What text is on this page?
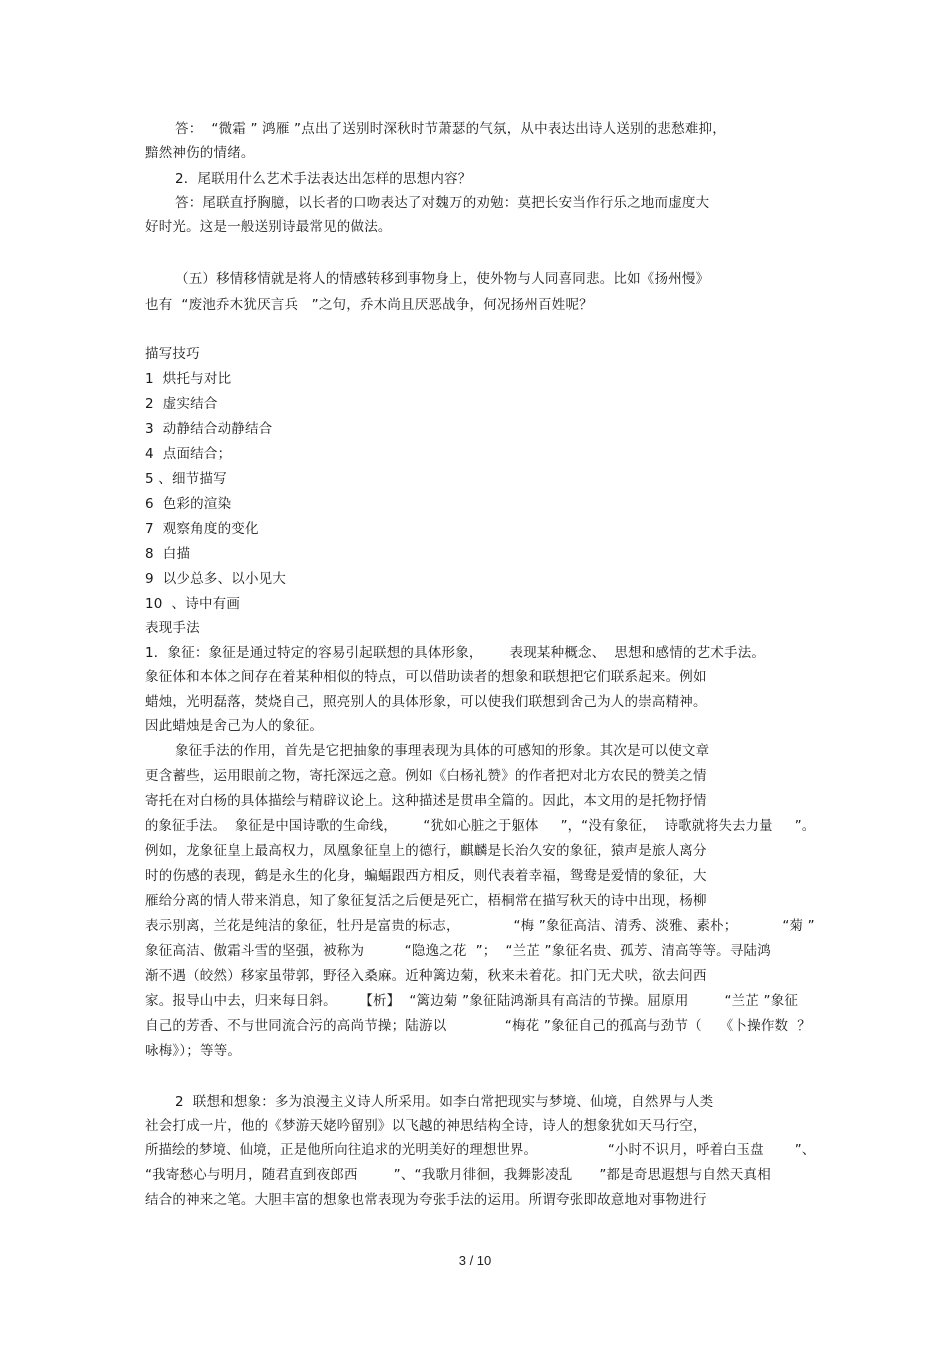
答：  “微霜 ” 鸿雁 ”点出了送别时深秋时节萧瑟的气氛，从中表达出诗人送别的悲愁难抑，

黯然神伤的情绪。

2．尾联用什么艺术手法表达出怎样的思想内容？

答：尾联直抒胸臆，以长者的口吻表达了对魏万的劝勉：莫把长安当作行乐之地而虚度大

好时光。这是一般送别诗最常见的做法。

（五）移情移情就是将人的情感转移到事物身上，使外物与人同喜同悲。比如《扬州慢》

也有  “废池乔木犹厌言兵   ”之句，乔木尚且厌恶战争，何况扬州百姓呢？

描写技巧

1  烘托与对比

2  虚实结合

3  动静结合动静结合

4  点面结合；

5 、细节描写

6  色彩的渲染

7  观察角度的变化

8  白描

9  以少总多、以小见大

10  、诗中有画

表现手法

1．象征：象征是通过特定的容易引起联想的具体形象，      表现某种概念、  思想和感情的艺术手法。

象征体和本体之间存在着某种相似的特点，可以借助读者的想象和联想把它们联系起来。例如

蜡烛，光明磊落，焚烧自己，照亮别人的具体形象，可以使我们联想到舍己为人的崇高精神。

因此蜡烛是舍己为人的象征。

象征手法的作用，首先是它把抽象的事理表现为具体的可感知的形象。其次是可以使文章

更含蓄些，运用眼前之物，寄托深远之意。例如《白杨礼赞》的作者把对北方农民的赞美之情

寄托在对白杨的具体描绘与精辟议论上。这种描述是贯串全篇的。因此，本文用的是托物抒情

的象征手法。  象征是中国诗歌的生命线，      “犹如心脏之于躯体     ”，“没有象征，  诗歌就将失去力量     ”。

例如，龙象征皇上最高权力，凤凰象征皇上的德行，麒麟是长治久安的象征，猿声是旅人离分

时的伤感的表现，鹤是永生的化身，蝙蝠跟西方相反，则代表着幸福，鸳鸯是爱情的象征，大

雁给分离的情人带来消息，知了象征复活之后便是死亡，梧桐常在描写秋天的诗中出现，杨柳

表示别离，兰花是纯洁的象征，牡丹是富贵的标志，            “梅 ”象征高洁、清秀、淡雅、素朴；          “菊 ”

象征高洁、傲霜斗雪的坚强，被称为         “隐逸之花  ”；  “兰芷 ”象征名贵、孤芳、清高等等。寻陆鸿

渐不遇（皎然）移家虽带郭，野径入桑麻。近种篱边菊，秋来未着花。扣门无犬吠，欲去问西

家。报导山中去，归来每日斜。     【析】  “篱边菊 ”象征陆鸿渐具有高洁的节操。屈原用        “兰芷 ”象征

自己的芳香、不与世同流合污的高尚节操；陆游以             “梅花 ”象征自己的孤高与劲节（    《卜操作数  ？

咏梅》）；等等。

2  联想和想象：多为浪漫主义诗人所采用。如李白常把现实与梦境、仙境，自然界与人类

社会打成一片，他的《梦游天姥吟留别》以飞越的神思结构全诗，诗人的想象犹如天马行空，

所描绘的梦境、仙境，正是他所向往追求的光明美好的理想世界。                “小时不识月，呼着白玉盘       ”、

“我寄愁心与明月，随君直到夜郎西        ”、“我歌月徘徊，我舞影凌乱      ”都是奇思遐想与自然天真相

结合的神来之笔。大胆丰富的想象也常表现为夸张手法的运用。所谓夸张即故意地对事物进行

3 / 10
